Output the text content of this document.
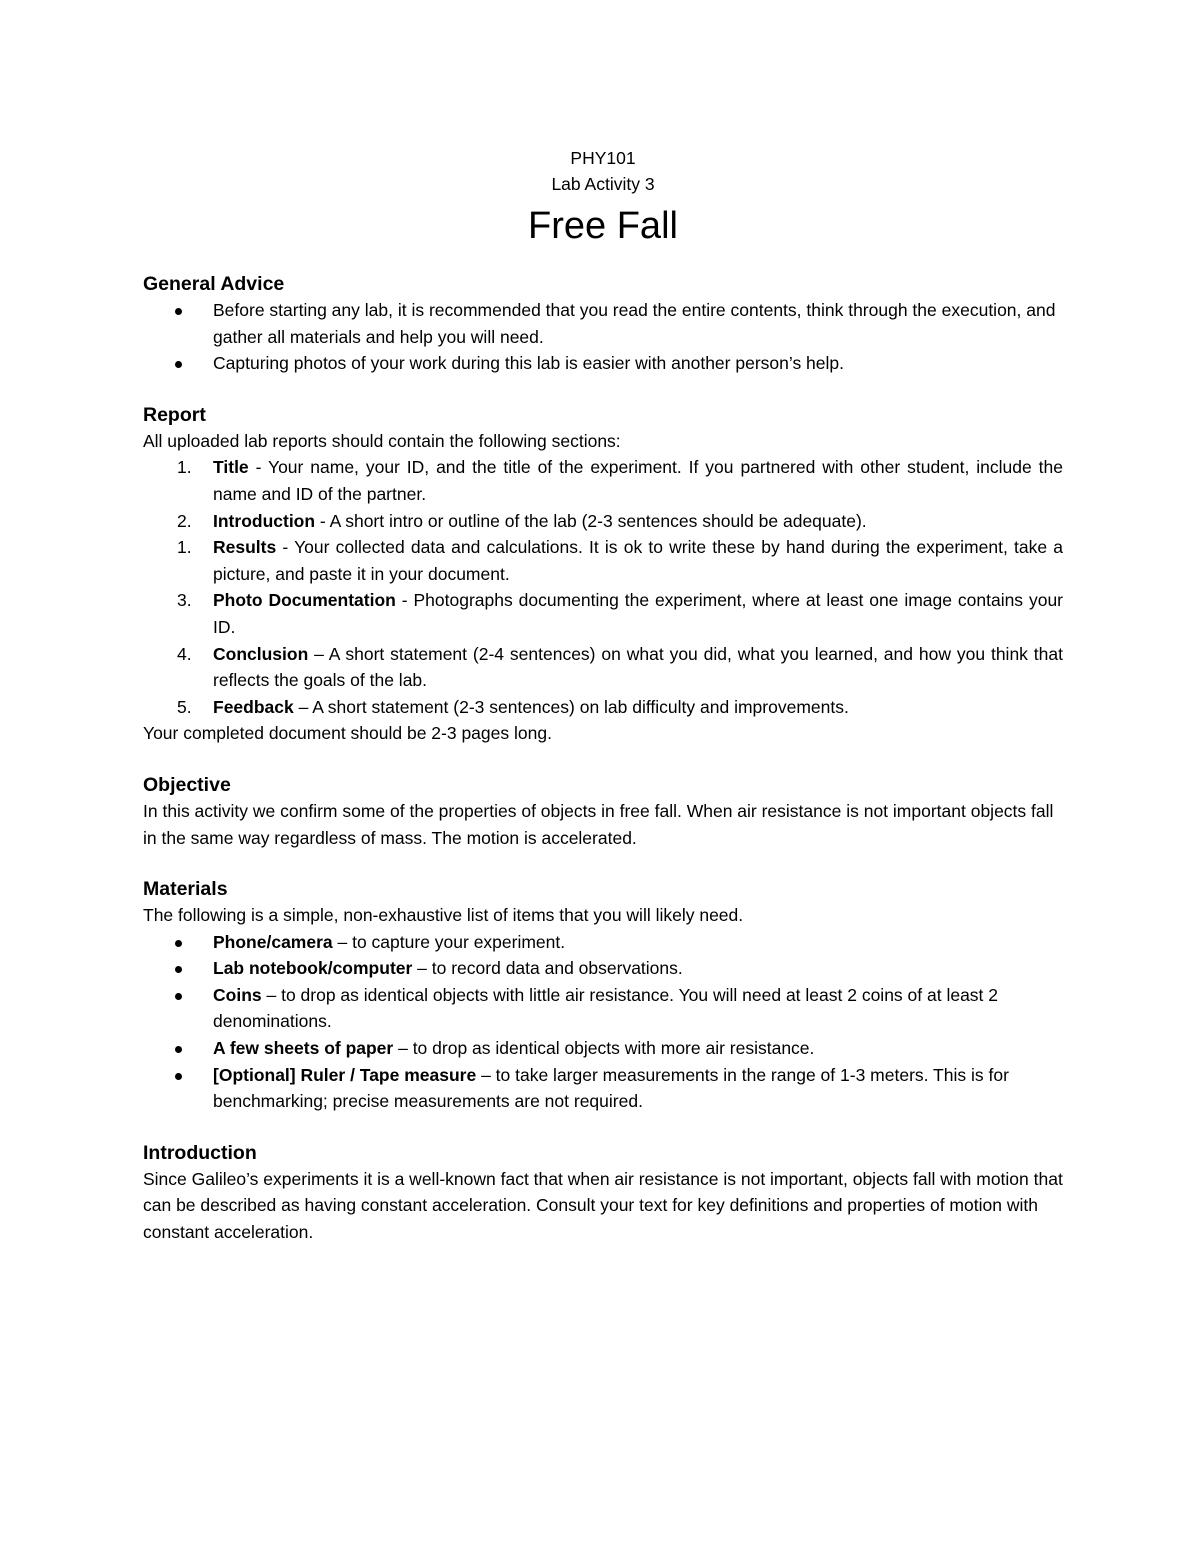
PHY101
Lab Activity 3
Free Fall
General Advice
Before starting any lab, it is recommended that you read the entire contents, think through the execution, and gather all materials and help you will need.
Capturing photos of your work during this lab is easier with another person’s help.
Report
All uploaded lab reports should contain the following sections:
1. Title - Your name, your ID, and the title of the experiment. If you partnered with other student, include the name and ID of the partner.
2. Introduction - A short intro or outline of the lab (2-3 sentences should be adequate).
1. Results - Your collected data and calculations. It is ok to write these by hand during the experiment, take a picture, and paste it in your document.
3. Photo Documentation - Photographs documenting the experiment, where at least one image contains your ID.
4. Conclusion – A short statement (2-4 sentences) on what you did, what you learned, and how you think that reflects the goals of the lab.
5. Feedback – A short statement (2-3 sentences) on lab difficulty and improvements.
Your completed document should be 2-3 pages long.
Objective
In this activity we confirm some of the properties of objects in free fall. When air resistance is not important objects fall in the same way regardless of mass. The motion is accelerated.
Materials
The following is a simple, non-exhaustive list of items that you will likely need.
Phone/camera – to capture your experiment.
Lab notebook/computer – to record data and observations.
Coins – to drop as identical objects with little air resistance. You will need at least 2 coins of at least 2 denominations.
A few sheets of paper – to drop as identical objects with more air resistance.
[Optional] Ruler / Tape measure – to take larger measurements in the range of 1-3 meters. This is for benchmarking; precise measurements are not required.
Introduction
Since Galileo’s experiments it is a well-known fact that when air resistance is not important, objects fall with motion that can be described as having constant acceleration. Consult your text for key definitions and properties of motion with constant acceleration.
